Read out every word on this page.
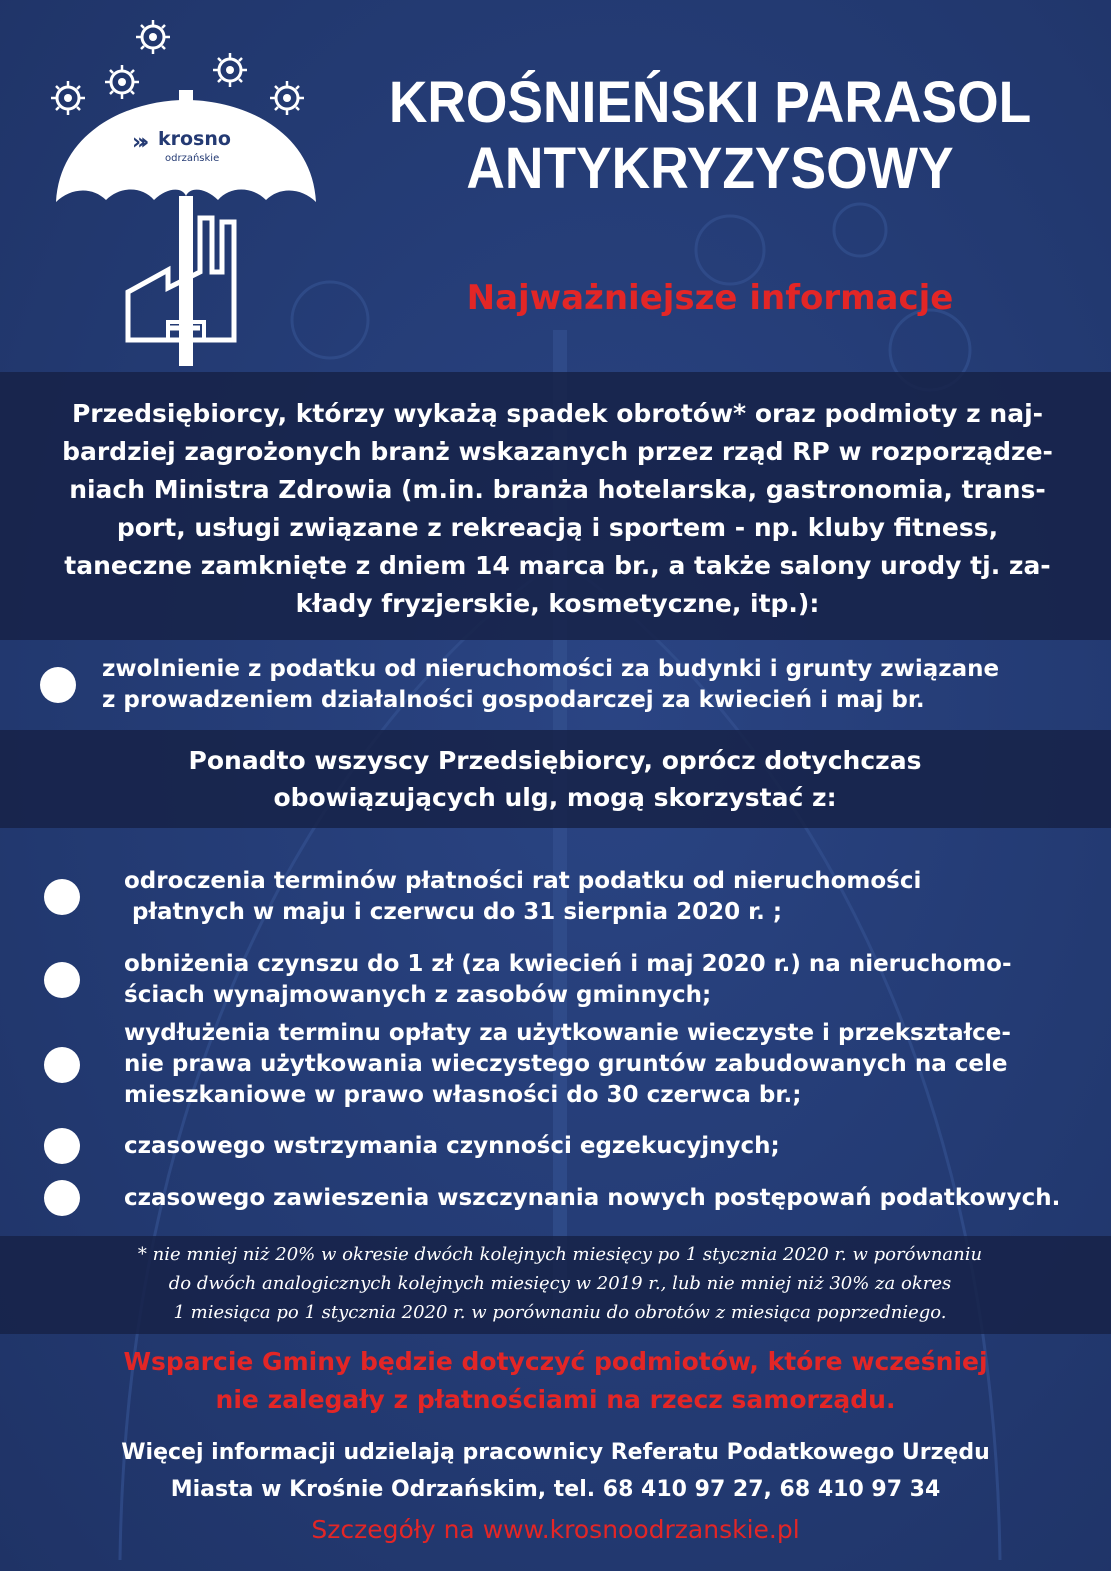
»› krosno
odrzańskie
KROŚNIEŃSKI PARASOL
ANTYKRYZYSOWY
Najważniejsze informacje
Przedsiębiorcy, którzy wykażą spadek obrotów* oraz podmioty z naj-
bardziej zagrożonych branż wskazanych przez rząd RP w rozporządze-
niach Ministra Zdrowia (m.in. branża hotelarska, gastronomia, trans-
port, usługi związane z rekreacją i sportem - np. kluby fitness,
taneczne zamknięte z dniem 14 marca br., a także salony urody tj. za-
kłady fryzjerskie, kosmetyczne, itp.):
zwolnienie z podatku od nieruchomości za budynki i grunty związane
z prowadzeniem działalności gospodarczej za kwiecień i maj br.
Ponadto wszyscy Przedsiębiorcy, oprócz dotychczas
obowiązujących ulg, mogą skorzystać z:
odroczenia terminów płatności rat podatku od nieruchomości
płatnych w maju i czerwcu do 31 sierpnia 2020 r. ;
obniżenia czynszu do 1 zł (za kwiecień i maj 2020 r.) na nieruchomo-
ściach wynajmowanych z zasobów gminnych;
wydłużenia terminu opłaty za użytkowanie wieczyste i przekształce-
nie prawa użytkowania wieczystego gruntów zabudowanych na cele
mieszkaniowe w prawo własności do 30 czerwca br.;
czasowego wstrzymania czynności egzekucyjnych;
czasowego zawieszenia wszczynania nowych postępowań podatkowych.
* nie mniej niż 20% w okresie dwóch kolejnych miesięcy po 1 stycznia 2020 r. w porównaniu
do dwóch analogicznych kolejnych miesięcy w 2019 r., lub nie mniej niż 30% za okres
1 miesiąca po 1 stycznia 2020 r. w porównaniu do obrotów z miesiąca poprzedniego.
Wsparcie Gminy będzie dotyczyć podmiotów, które wcześniej
nie zalegały z płatnościami na rzecz samorządu.
Więcej informacji udzielają pracownicy Referatu Podatkowego Urzędu
Miasta w Krośnie Odrzańskim, tel. 68 410 97 27, 68 410 97 34
Szczegóły na www.krosnoodrzanskie.pl
